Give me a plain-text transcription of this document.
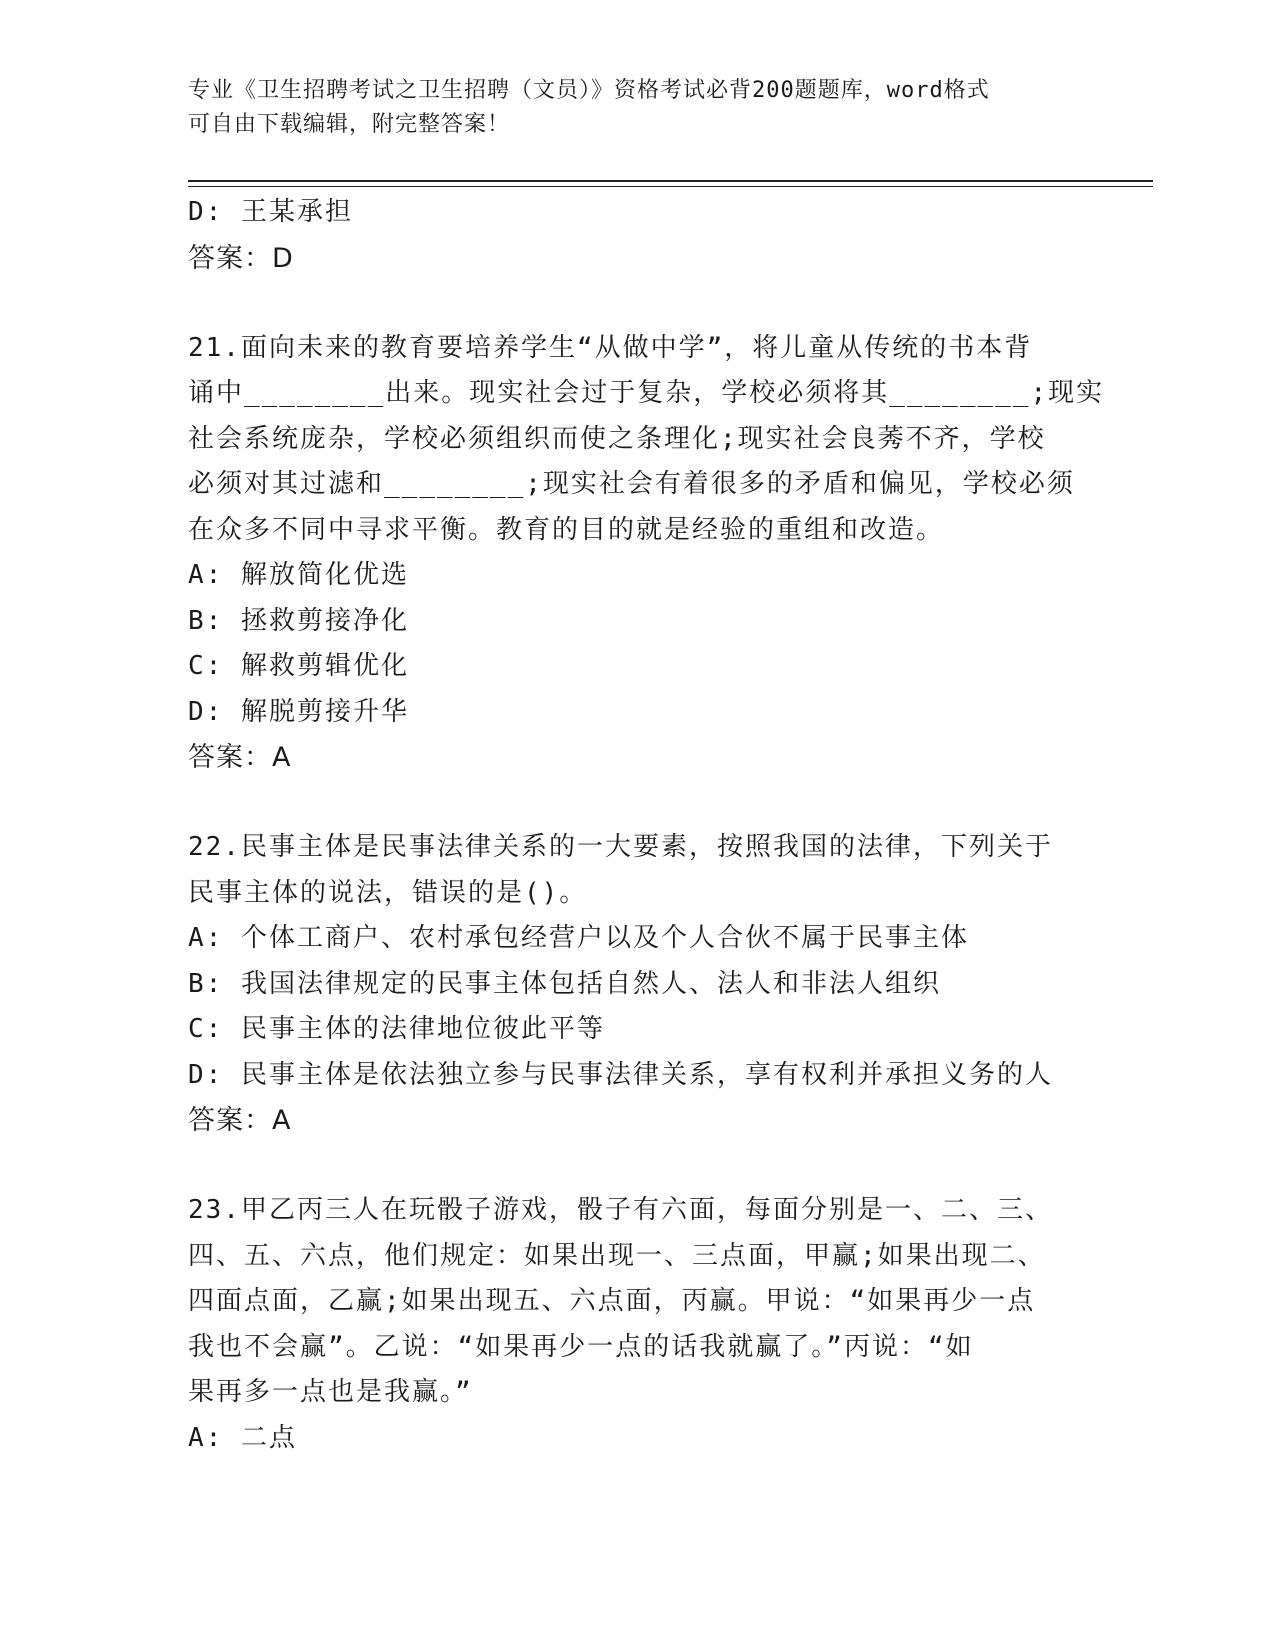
专业《卫生招聘考试之卫生招聘（文员）》资格考试必背200题题库，word格式
可自由下载编辑，附完整答案！
D: 王某承担
答案：D
21.面向未来的教育要培养学生“从做中学”，将儿童从传统的书本背
诵中________出来。现实社会过于复杂，学校必须将其________;现实
社会系统庞杂，学校必须组织而使之条理化;现实社会良莠不齐，学校
必须对其过滤和________;现实社会有着很多的矛盾和偏见，学校必须
在众多不同中寻求平衡。教育的目的就是经验的重组和改造。
A: 解放简化优选
B: 拯救剪接净化
C: 解救剪辑优化
D: 解脱剪接升华
答案：A
22.民事主体是民事法律关系的一大要素，按照我国的法律，下列关于
民事主体的说法，错误的是()。
A: 个体工商户、农村承包经营户以及个人合伙不属于民事主体
B: 我国法律规定的民事主体包括自然人、法人和非法人组织
C: 民事主体的法律地位彼此平等
D: 民事主体是依法独立参与民事法律关系，享有权利并承担义务的人
答案：A
23.甲乙丙三人在玩骰子游戏，骰子有六面，每面分别是一、二、三、
四、五、六点，他们规定：如果出现一、三点面，甲赢;如果出现二、
四面点面，乙赢;如果出现五、六点面，丙赢。甲说：“如果再少一点
我也不会赢”。乙说：“如果再少一点的话我就赢了。”丙说：“如
果再多一点也是我赢。”
A: 二点
